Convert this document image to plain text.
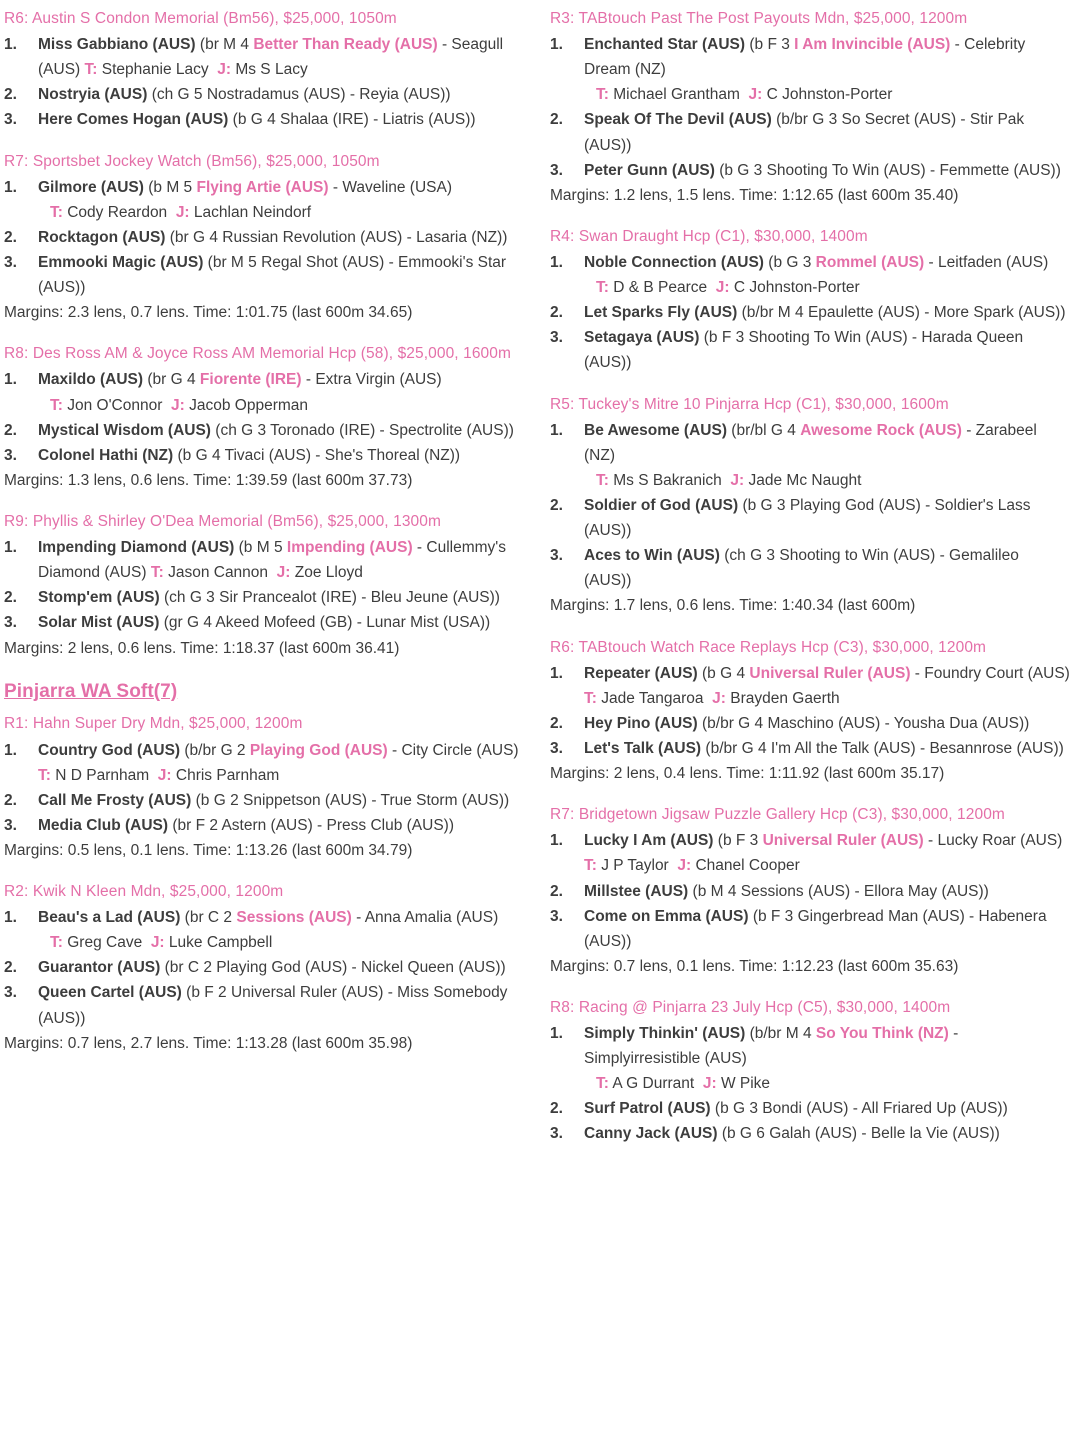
R6: Austin S Condon Memorial (Bm56), $25,000, 1050m
1.	Miss Gabbiano (AUS) (br M 4 Better Than Ready (AUS) - Seagull (AUS) T: Stephanie Lacy J: Ms S Lacy
2.	Nostryia (AUS) (ch G 5 Nostradamus (AUS) - Reyia (AUS))
3.	Here Comes Hogan (AUS) (b G 4 Shalaa (IRE) - Liatris (AUS))
R7: Sportsbet Jockey Watch (Bm56), $25,000, 1050m
1.	Gilmore (AUS) (b M 5 Flying Artie (AUS) - Waveline (USA)
T: Cody Reardon J: Lachlan Neindorf
2.	Rocktagon (AUS) (br G 4 Russian Revolution (AUS) - Lasaria (NZ))
3.	Emmooki Magic (AUS) (br M 5 Regal Shot (AUS) - Emmooki's Star (AUS))
Margins: 2.3 lens, 0.7 lens. Time: 1:01.75 (last 600m 34.65)
R8: Des Ross AM & Joyce Ross AM Memorial Hcp (58), $25,000, 1600m
1.	Maxildo (AUS) (br G 4 Fiorente (IRE) - Extra Virgin (AUS)
T: Jon O'Connor J: Jacob Opperman
2.	Mystical Wisdom (AUS) (ch G 3 Toronado (IRE) - Spectrolite (AUS))
3.	Colonel Hathi (NZ) (b G 4 Tivaci (AUS) - She's Thoreal (NZ))
Margins: 1.3 lens, 0.6 lens. Time: 1:39.59 (last 600m 37.73)
R9: Phyllis & Shirley O'Dea Memorial (Bm56), $25,000, 1300m
1.	Impending Diamond (AUS) (b M 5 Impending (AUS) - Cullemmy's Diamond (AUS) T: Jason Cannon J: Zoe Lloyd
2.	Stomp'em (AUS) (ch G 3 Sir Prancealot (IRE) - Bleu Jeune (AUS))
3.	Solar Mist (AUS) (gr G 4 Akeed Mofeed (GB) - Lunar Mist (USA))
Margins: 2 lens, 0.6 lens. Time: 1:18.37 (last 600m 36.41)
Pinjarra WA Soft(7)
R1: Hahn Super Dry Mdn, $25,000, 1200m
1.	Country God (AUS) (b/br G 2 Playing God (AUS) - City Circle (AUS) T: N D Parnham J: Chris Parnham
2.	Call Me Frosty (AUS) (b G 2 Snippetson (AUS) - True Storm (AUS))
3.	Media Club (AUS) (br F 2 Astern (AUS) - Press Club (AUS))
Margins: 0.5 lens, 0.1 lens. Time: 1:13.26 (last 600m 34.79)
R2: Kwik N Kleen Mdn, $25,000, 1200m
1.	Beau's a Lad (AUS) (br C 2 Sessions (AUS) - Anna Amalia (AUS)
T: Greg Cave J: Luke Campbell
2.	Guarantor (AUS) (br C 2 Playing God (AUS) - Nickel Queen (AUS))
3.	Queen Cartel (AUS) (b F 2 Universal Ruler (AUS) - Miss Somebody (AUS))
Margins: 0.7 lens, 2.7 lens. Time: 1:13.28 (last 600m 35.98)
R3: TABtouch Past The Post Payouts Mdn, $25,000, 1200m
1.	Enchanted Star (AUS) (b F 3 I Am Invincible (AUS) - Celebrity Dream (NZ)
T: Michael Grantham J: C Johnston-Porter
2.	Speak Of The Devil (AUS) (b/br G 3 So Secret (AUS) - Stir Pak (AUS))
3.	Peter Gunn (AUS) (b G 3 Shooting To Win (AUS) - Femmette (AUS))
Margins: 1.2 lens, 1.5 lens. Time: 1:12.65 (last 600m 35.40)
R4: Swan Draught Hcp (C1), $30,000, 1400m
1.	Noble Connection (AUS) (b G 3 Rommel (AUS) - Leitfaden (AUS)
T: D & B Pearce J: C Johnston-Porter
2.	Let Sparks Fly (AUS) (b/br M 4 Epaulette (AUS) - More Spark (AUS))
3.	Setagaya (AUS) (b F 3 Shooting To Win (AUS) - Harada Queen (AUS))
R5: Tuckey's Mitre 10 Pinjarra Hcp (C1), $30,000, 1600m
1.	Be Awesome (AUS) (br/bl G 4 Awesome Rock (AUS) - Zarabeel (NZ)
T: Ms S Bakranich J: Jade Mc Naught
2.	Soldier of God (AUS) (b G 3 Playing God (AUS) - Soldier's Lass (AUS))
3.	Aces to Win (AUS) (ch G 3 Shooting to Win (AUS) - Gemalileo (AUS))
Margins: 1.7 lens, 0.6 lens. Time: 1:40.34 (last 600m)
R6: TABtouch Watch Race Replays Hcp (C3), $30,000, 1200m
1.	Repeater (AUS) (b G 4 Universal Ruler (AUS) - Foundry Court (AUS) T: Jade Tangaroa J: Brayden Gaerth
2.	Hey Pino (AUS) (b/br G 4 Maschino (AUS) - Yousha Dua (AUS))
3.	Let's Talk (AUS) (b/br G 4 I'm All the Talk (AUS) - Besannrose (AUS))
Margins: 2 lens, 0.4 lens. Time: 1:11.92 (last 600m 35.17)
R7: Bridgetown Jigsaw Puzzle Gallery Hcp (C3), $30,000, 1200m
1.	Lucky I Am (AUS) (b F 3 Universal Ruler (AUS) - Lucky Roar (AUS) T: J P Taylor J: Chanel Cooper
2.	Millstee (AUS) (b M 4 Sessions (AUS) - Ellora May (AUS))
3.	Come on Emma (AUS) (b F 3 Gingerbread Man (AUS) - Habenera (AUS))
Margins: 0.7 lens, 0.1 lens. Time: 1:12.23 (last 600m 35.63)
R8: Racing @ Pinjarra 23 July Hcp (C5), $30,000, 1400m
1.	Simply Thinkin' (AUS) (b/br M 4 So You Think (NZ) - Simplyirresistible (AUS)
T: A G Durrant J: W Pike
2.	Surf Patrol (AUS) (b G 3 Bondi (AUS) - All Friared Up (AUS))
3.	Canny Jack (AUS) (b G 6 Galah (AUS) - Belle la Vie (AUS))
